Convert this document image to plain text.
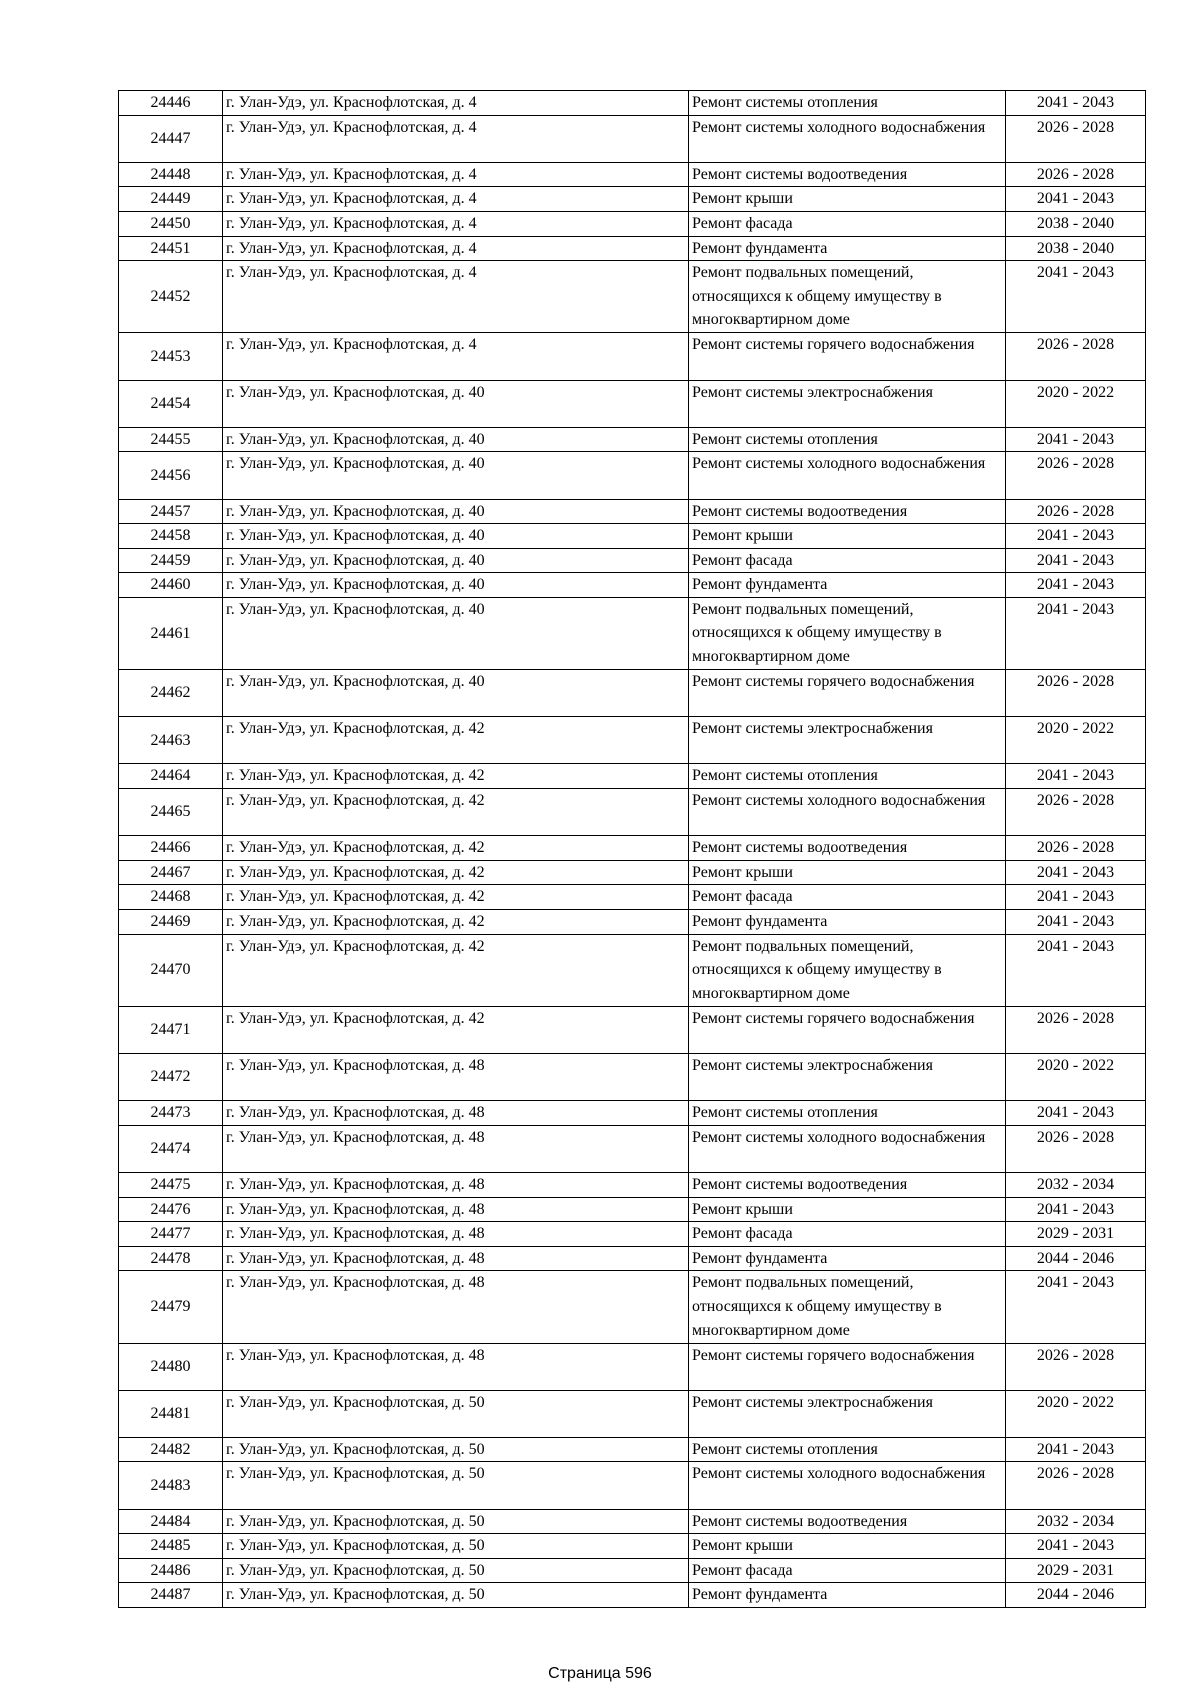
24446	г. Улан-Удэ, ул. Краснофлотская, д. 4	Ремонт системы отопления	2041 - 2043
24447	г. Улан-Удэ, ул. Краснофлотская, д. 4	Ремонт системы холодного водоснабжения	2026 - 2028
24448	г. Улан-Удэ, ул. Краснофлотская, д. 4	Ремонт системы водоотведения	2026 - 2028
24449	г. Улан-Удэ, ул. Краснофлотская, д. 4	Ремонт крыши	2041 - 2043
24450	г. Улан-Удэ, ул. Краснофлотская, д. 4	Ремонт фасада	2038 - 2040
24451	г. Улан-Удэ, ул. Краснофлотская, д. 4	Ремонт фундамента	2038 - 2040
24452	г. Улан-Удэ, ул. Краснофлотская, д. 4	Ремонт подвальных помещений, относящихся к общему имуществу в многоквартирном доме	2041 - 2043
24453	г. Улан-Удэ, ул. Краснофлотская, д. 4	Ремонт системы горячего водоснабжения	2026 - 2028
24454	г. Улан-Удэ, ул. Краснофлотская, д. 40	Ремонт системы электроснабжения	2020 - 2022
24455	г. Улан-Удэ, ул. Краснофлотская, д. 40	Ремонт системы отопления	2041 - 2043
24456	г. Улан-Удэ, ул. Краснофлотская, д. 40	Ремонт системы холодного водоснабжения	2026 - 2028
24457	г. Улан-Удэ, ул. Краснофлотская, д. 40	Ремонт системы водоотведения	2026 - 2028
24458	г. Улан-Удэ, ул. Краснофлотская, д. 40	Ремонт крыши	2041 - 2043
24459	г. Улан-Удэ, ул. Краснофлотская, д. 40	Ремонт фасада	2041 - 2043
24460	г. Улан-Удэ, ул. Краснофлотская, д. 40	Ремонт фундамента	2041 - 2043
24461	г. Улан-Удэ, ул. Краснофлотская, д. 40	Ремонт подвальных помещений, относящихся к общему имуществу в многоквартирном доме	2041 - 2043
24462	г. Улан-Удэ, ул. Краснофлотская, д. 40	Ремонт системы горячего водоснабжения	2026 - 2028
24463	г. Улан-Удэ, ул. Краснофлотская, д. 42	Ремонт системы электроснабжения	2020 - 2022
24464	г. Улан-Удэ, ул. Краснофлотская, д. 42	Ремонт системы отопления	2041 - 2043
24465	г. Улан-Удэ, ул. Краснофлотская, д. 42	Ремонт системы холодного водоснабжения	2026 - 2028
24466	г. Улан-Удэ, ул. Краснофлотская, д. 42	Ремонт системы водоотведения	2026 - 2028
24467	г. Улан-Удэ, ул. Краснофлотская, д. 42	Ремонт крыши	2041 - 2043
24468	г. Улан-Удэ, ул. Краснофлотская, д. 42	Ремонт фасада	2041 - 2043
24469	г. Улан-Удэ, ул. Краснофлотская, д. 42	Ремонт фундамента	2041 - 2043
24470	г. Улан-Удэ, ул. Краснофлотская, д. 42	Ремонт подвальных помещений, относящихся к общему имуществу в многоквартирном доме	2041 - 2043
24471	г. Улан-Удэ, ул. Краснофлотская, д. 42	Ремонт системы горячего водоснабжения	2026 - 2028
24472	г. Улан-Удэ, ул. Краснофлотская, д. 48	Ремонт системы электроснабжения	2020 - 2022
24473	г. Улан-Удэ, ул. Краснофлотская, д. 48	Ремонт системы отопления	2041 - 2043
24474	г. Улан-Удэ, ул. Краснофлотская, д. 48	Ремонт системы холодного водоснабжения	2026 - 2028
24475	г. Улан-Удэ, ул. Краснофлотская, д. 48	Ремонт системы водоотведения	2032 - 2034
24476	г. Улан-Удэ, ул. Краснофлотская, д. 48	Ремонт крыши	2041 - 2043
24477	г. Улан-Удэ, ул. Краснофлотская, д. 48	Ремонт фасада	2029 - 2031
24478	г. Улан-Удэ, ул. Краснофлотская, д. 48	Ремонт фундамента	2044 - 2046
24479	г. Улан-Удэ, ул. Краснофлотская, д. 48	Ремонт подвальных помещений, относящихся к общему имуществу в многоквартирном доме	2041 - 2043
24480	г. Улан-Удэ, ул. Краснофлотская, д. 48	Ремонт системы горячего водоснабжения	2026 - 2028
24481	г. Улан-Удэ, ул. Краснофлотская, д. 50	Ремонт системы электроснабжения	2020 - 2022
24482	г. Улан-Удэ, ул. Краснофлотская, д. 50	Ремонт системы отопления	2041 - 2043
24483	г. Улан-Удэ, ул. Краснофлотская, д. 50	Ремонт системы холодного водоснабжения	2026 - 2028
24484	г. Улан-Удэ, ул. Краснофлотская, д. 50	Ремонт системы водоотведения	2032 - 2034
24485	г. Улан-Удэ, ул. Краснофлотская, д. 50	Ремонт крыши	2041 - 2043
24486	г. Улан-Удэ, ул. Краснофлотская, д. 50	Ремонт фасада	2029 - 2031
24487	г. Улан-Удэ, ул. Краснофлотская, д. 50	Ремонт фундамента	2044 - 2046
Страница 596
